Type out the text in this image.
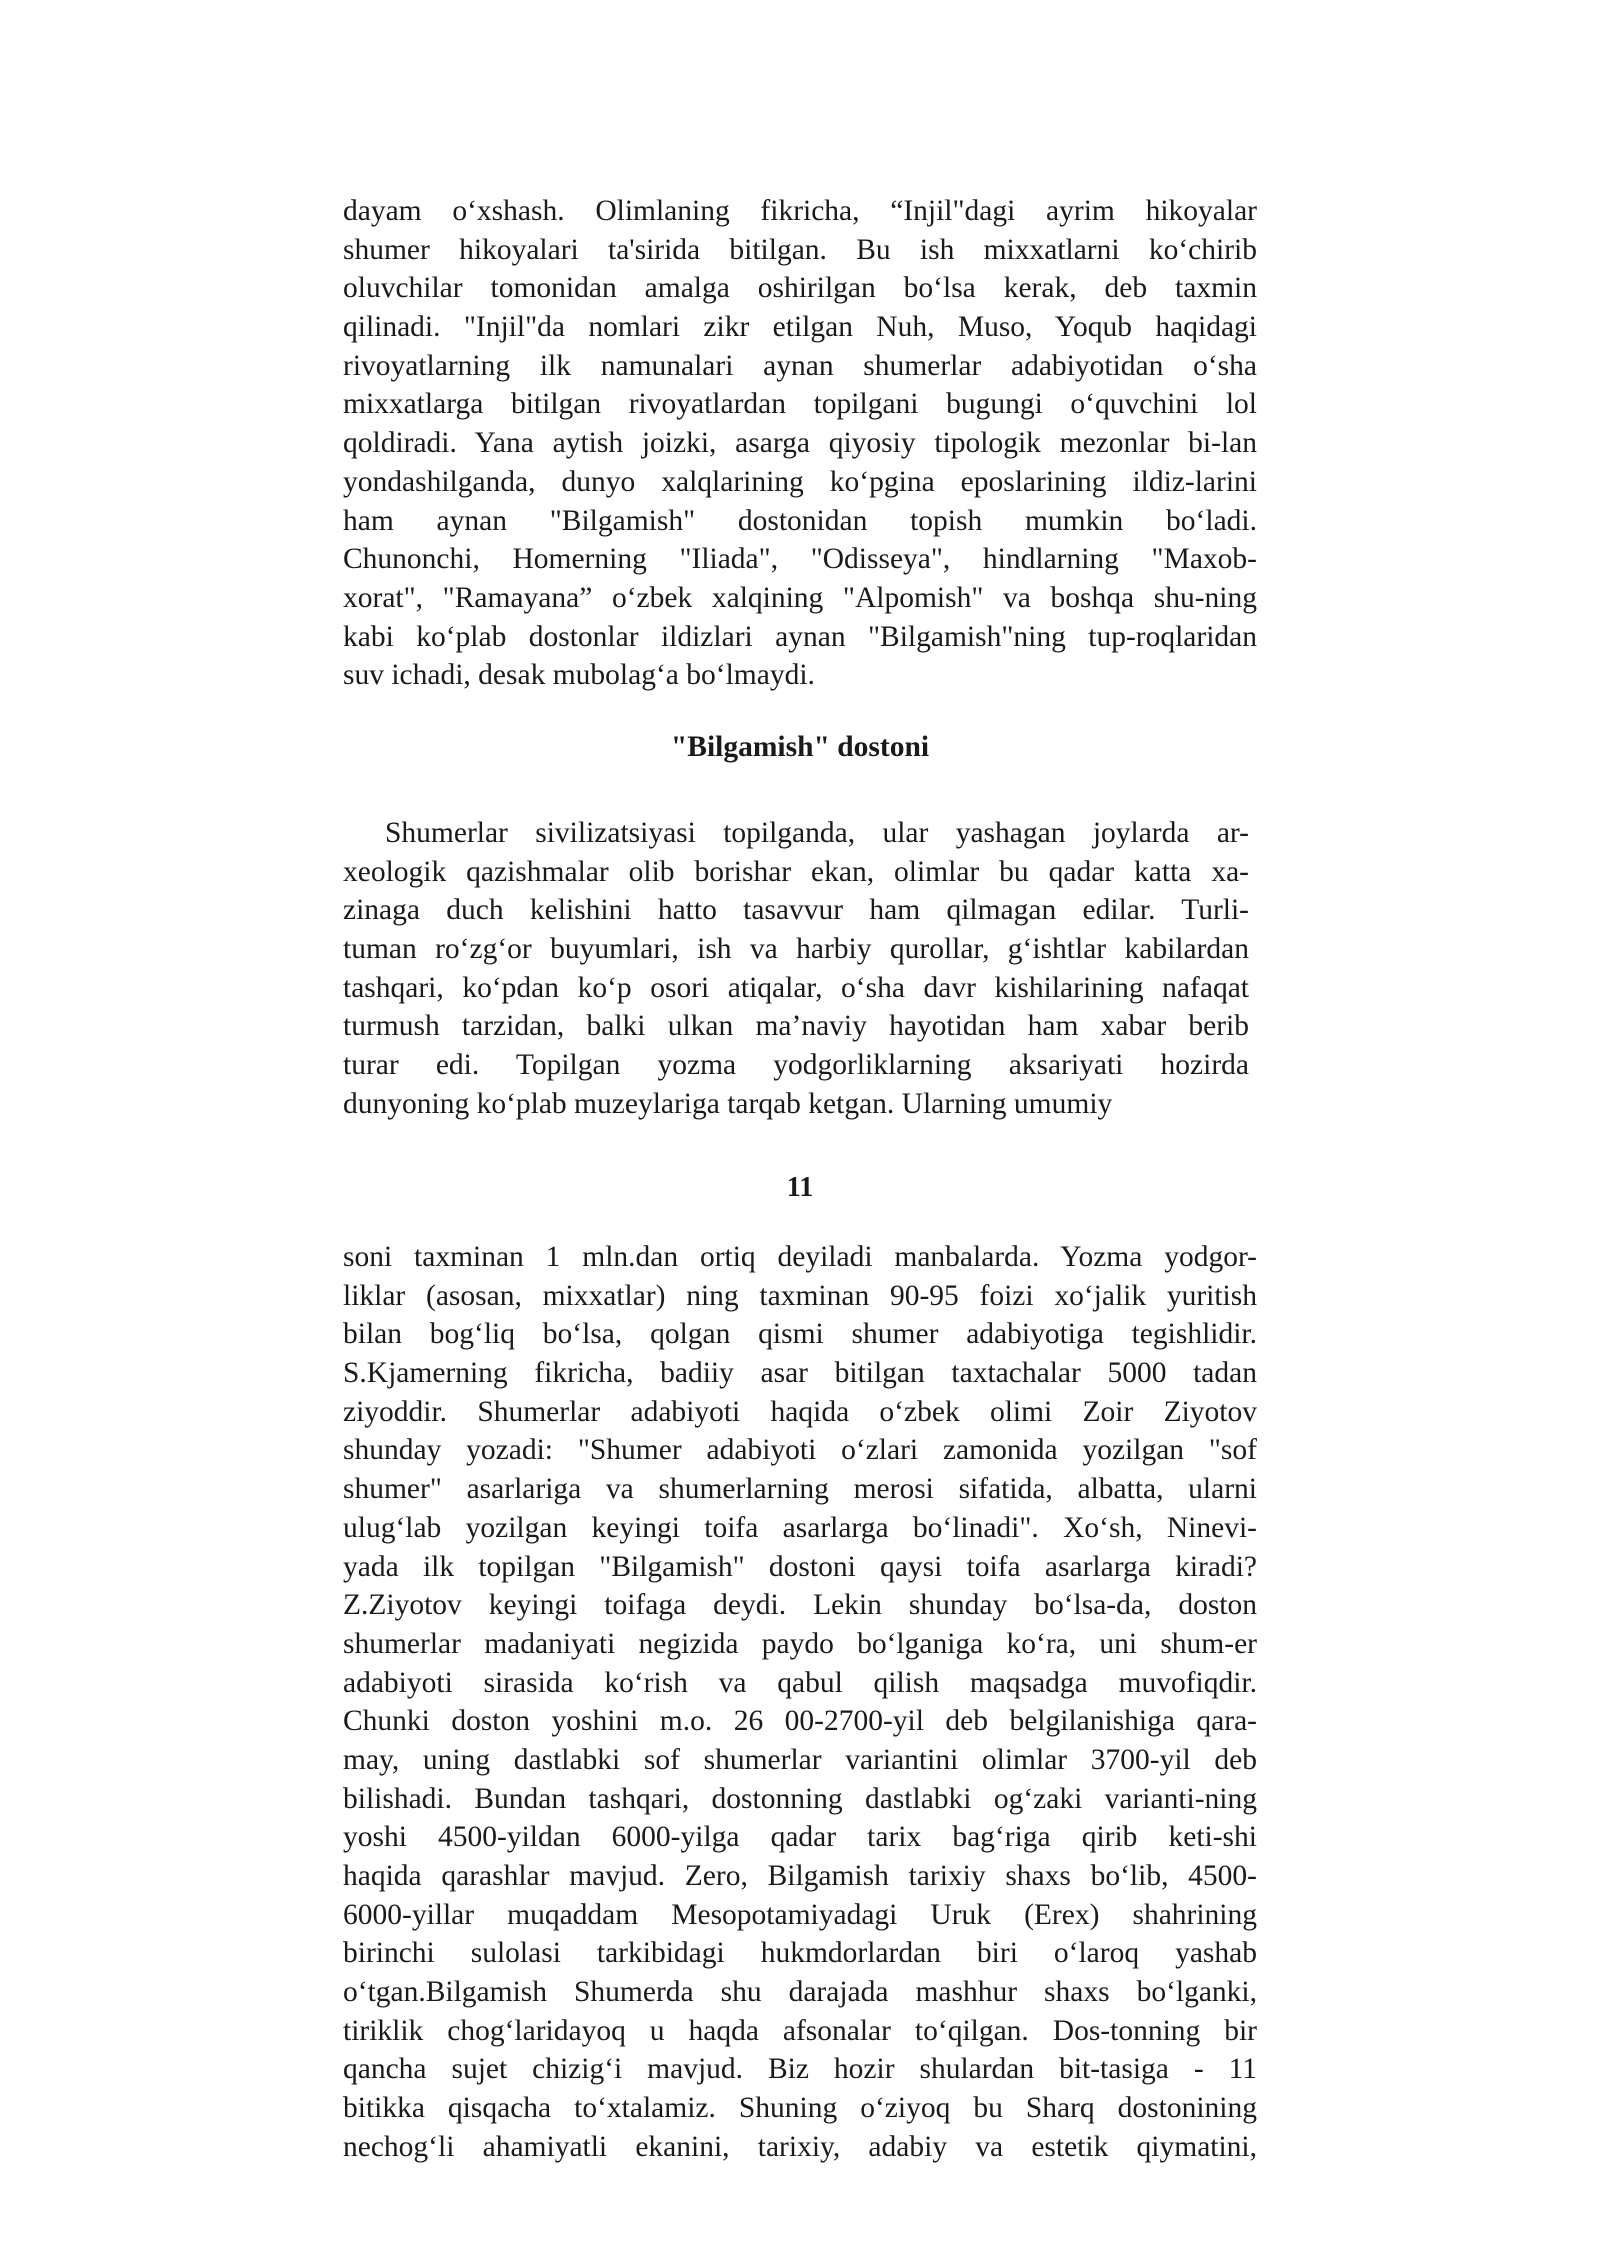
dayam o‘xshash. Olimlaning fikricha, “Injil"dagi ayrim hikoyalar
shumer hikoyalari ta'sirida bitilgan. Bu ish mixxatlarni ko‘chirib
oluvchilar tomonidan amalga oshirilgan bo‘lsa kerak, deb taxmin
qilinadi. "Injil"da nomlari zikr etilgan Nuh, Muso, Yoqub haqidagi
rivoyatlarning ilk namunalari aynan shumerlar adabiyotidan o‘sha
mixxatlarga bitilgan rivoyatlardan topilgani bugungi o‘quvchini lol
qoldiradi. Yana aytish joizki, asarga qiyosiy tipologik mezonlar bi-lan
yondashilganda, dunyo xalqlarining ko‘pgina eposlarining ildiz-larini
ham aynan "Bilgamish" dostonidan topish mumkin bo‘ladi.
Chunonchi, Homerning "Iliada", "Odisseya", hindlarning "Maxob-
xorat", "Ramayana” o‘zbek xalqining "Alpomish" va boshqa shu-ning
kabi ko‘plab dostonlar ildizlari aynan "Bilgamish"ning tup-roqlaridan
suv ichadi, desak mubolag‘a bo‘lmaydi.
"Bilgamish" dostoni
Shumerlar sivilizatsiyasi topilganda, ular yashagan joylarda ar-
xeologik qazishmalar olib borishar ekan, olimlar bu qadar katta xa-
zinaga duch kelishini hatto tasavvur ham qilmagan edilar. Turli-
tuman ro‘zg‘or buyumlari, ish va harbiy qurollar, g‘ishtlar kabilardan
tashqari, ko‘pdan ko‘p osori atiqalar, o‘sha davr kishilarining nafaqat
turmush tarzidan, balki ulkan ma’naviy hayotidan ham xabar berib
turar edi. Topilgan yozma yodgorliklarning aksariyati hozirda
dunyoning ko‘plab muzeylariga tarqab ketgan. Ularning umumiy
11
soni taxminan 1 mln.dan ortiq deyiladi manbalarda. Yozma yodgor-
liklar (asosan, mixxatlar) ning taxminan 90-95 foizi xo‘jalik yuritish
bilan bog‘liq bo‘lsa, qolgan qismi shumer adabiyotiga tegishlidir.
S.Kjamerning fikricha, badiiy asar bitilgan taxtachalar 5000 tadan
ziyoddir. Shumerlar adabiyoti haqida o‘zbek olimi Zoir Ziyotov
shunday yozadi: "Shumer adabiyoti o‘zlari zamonida yozilgan "sof
shumer" asarlariga va shumerlarning merosi sifatida, albatta, ularni
ulug‘lab yozilgan keyingi toifa asarlarga bo‘linadi". Xo‘sh, Ninevi-
yada ilk topilgan "Bilgamish" dostoni qaysi toifa asarlarga kiradi?
Z.Ziyotov keyingi toifaga deydi. Lekin shunday bo‘lsa-da, doston
shumerlar madaniyati negizida paydo bo‘lganiga ko‘ra, uni shum-er
adabiyoti sirasida ko‘rish va qabul qilish maqsadga muvofiqdir.
Chunki doston yoshini m.o. 26 00-2700-yil deb belgilanishiga qara-
may, uning dastlabki sof shumerlar variantini olimlar 3700-yil deb
bilishadi. Bundan tashqari, dostonning dastlabki og‘zaki varianti-ning
yoshi 4500-yildan 6000-yilga qadar tarix bag‘riga qirib keti-shi
haqida qarashlar mavjud. Zero, Bilgamish tarixiy shaxs bo‘lib, 4500-
6000-yillar muqaddam Mesopotamiyadagi Uruk (Erex) shahrining
birinchi sulolasi tarkibidagi hukmdorlardan biri o‘laroq yashab
o‘tgan.Bilgamish Shumerda shu darajada mashhur shaxs bo‘lganki,
tiriklik chog‘laridayoq u haqda afsonalar to‘qilgan. Dos-tonning bir
qancha sujet chizig‘i mavjud. Biz hozir shulardan bit-tasiga - 11
bitikka qisqacha to‘xtalamiz. Shuning o‘ziyoq bu Sharq dostonining
nechog‘li ahamiyatli ekanini, tarixiy, adabiy va estetik qiymatini,
